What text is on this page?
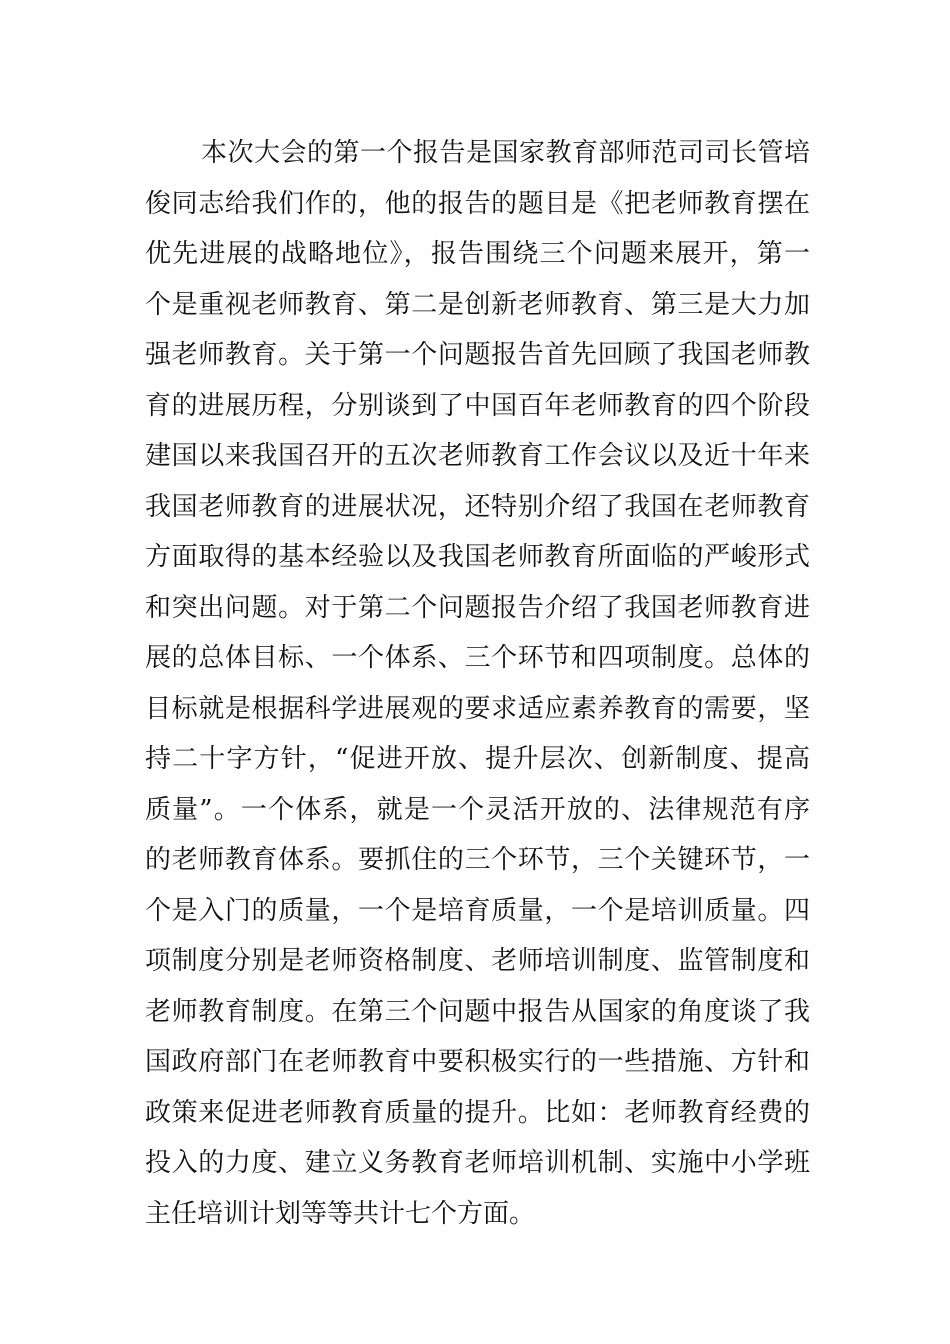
本次大会的第一个报告是国家教育部师范司司长管培
俊同志给我们作的，他的报告的题目是《把老师教育摆在
优先进展的战略地位》，报告围绕三个问题来展开，第一
个是重视老师教育、第二是创新老师教育、第三是大力加
强老师教育。关于第一个问题报告首先回顾了我国老师教
育的进展历程，分别谈到了中国百年老师教育的四个阶段
建国以来我国召开的五次老师教育工作会议以及近十年来
我国老师教育的进展状况，还特别介绍了我国在老师教育
方面取得的基本经验以及我国老师教育所面临的严峻形式
和突出问题。对于第二个问题报告介绍了我国老师教育进
展的总体目标、一个体系、三个环节和四项制度。总体的
目标就是根据科学进展观的要求适应素养教育的需要，坚
持二十字方针，“促进开放、提升层次、创新制度、提高
质量”。一个体系，就是一个灵活开放的、法律规范有序
的老师教育体系。要抓住的三个环节，三个关键环节，一
个是入门的质量，一个是培育质量，一个是培训质量。四
项制度分别是老师资格制度、老师培训制度、监管制度和
老师教育制度。在第三个问题中报告从国家的角度谈了我
国政府部门在老师教育中要积极实行的一些措施、方针和
政策来促进老师教育质量的提升。比如：老师教育经费的
投入的力度、建立义务教育老师培训机制、实施中小学班
主任培训计划等等共计七个方面。
